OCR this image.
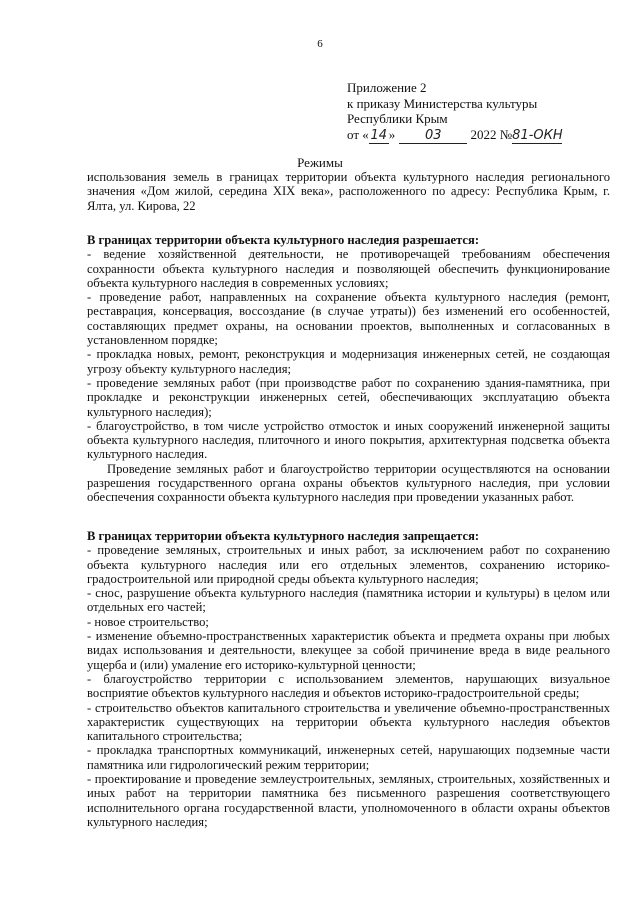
6
Приложение 2
к приказу Министерства культуры
Республики Крым
от « 14 » 03 2022 №81-ОКН
Режимы

использования земель в границах территории объекта культурного наследия регионального значения «Дом жилой, середина XIX века», расположенного по адресу: Республика Крым, г. Ялта, ул. Кирова, 22

В границах территории объекта культурного наследия разрешается:

- ведение хозяйственной деятельности, не противоречащей требованиям обеспечения сохранности объекта культурного наследия и позволяющей обеспечить функционирование объекта культурного наследия в современных условиях;

- проведение работ, направленных на сохранение объекта культурного наследия (ремонт, реставрация, консервация, воссоздание (в случае утраты)) без изменений его особенностей, составляющих предмет охраны, на основании проектов, выполненных и согласованных в установленном порядке;

- прокладка новых, ремонт, реконструкция и модернизация инженерных сетей, не создающая угрозу объекту культурного наследия;

- проведение земляных работ (при производстве работ по сохранению здания-памятника, при прокладке и реконструкции инженерных сетей, обеспечивающих эксплуатацию объекта культурного наследия);

- благоустройство, в том числе устройство отмосток и иных сооружений инженерной защиты объекта культурного наследия, плиточного и иного покрытия, архитектурная подсветка объекта культурного наследия.

Проведение земляных работ и благоустройство территории осуществляются на основании разрешения государственного органа охраны объектов культурного наследия, при условии обеспечения сохранности объекта культурного наследия при проведении указанных работ.

В границах территории объекта культурного наследия запрещается:

- проведение земляных, строительных и иных работ, за исключением работ по сохранению объекта культурного наследия или его отдельных элементов, сохранению историко-градостроительной или природной среды объекта культурного наследия;

- снос, разрушение объекта культурного наследия (памятника истории и культуры) в целом или отдельных его частей;

- новое строительство;

- изменение объемно-пространственных характеристик объекта и предмета охраны при любых видах использования и деятельности, влекущее за собой причинение вреда в виде реального ущерба и (или) умаление его историко-культурной ценности;

- благоустройство территории с использованием элементов, нарушающих визуальное восприятие объектов культурного наследия и объектов историко-градостроительной среды;

- строительство объектов капитального строительства и увеличение объемно-пространственных характеристик существующих на территории объекта культурного наследия объектов капитального строительства;

- прокладка транспортных коммуникаций, инженерных сетей, нарушающих подземные части памятника или гидрологический режим территории;

- проектирование и проведение землеустроительных, земляных, строительных, хозяйственных и иных работ на территории памятника без письменного разрешения соответствующего исполнительного органа государственной власти, уполномоченного в области охраны объектов культурного наследия;
